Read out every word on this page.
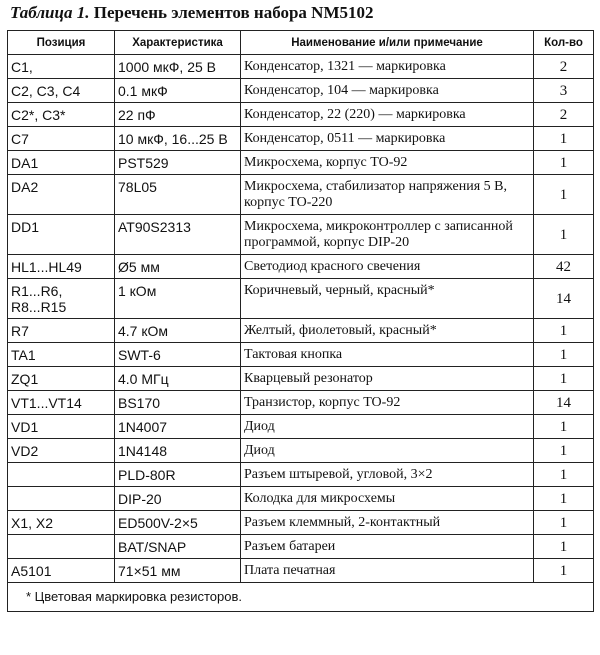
Таблица 1. Перечень элементов набора NM5102
Позиция	Характеристика	Наименование и/или примечание	Кол-во
C1,	1000 мкФ, 25 В	Конденсатор, 1321 — маркировка	2
C2, C3, C4	0.1 мкФ	Конденсатор, 104 — маркировка	3
C2*, C3*	22 пФ	Конденсатор, 22 (220) — маркировка	2
C7	10 мкФ, 16...25 В	Конденсатор, 0511 — маркировка	1
DA1	PST529	Микросхема, корпус ТО-92	1
DA2	78L05	Микросхема, стабилизатор напряжения 5 В, корпус ТО-220	1
DD1	AT90S2313	Микросхема, микроконтроллер с записанной программой, корпус DIP-20	1
HL1...HL49	Ø5 мм	Светодиод красного свечения	42
R1...R6, R8...R15	1 кОм	Коричневый, черный, красный*	14
R7	4.7 кОм	Желтый, фиолетовый, красный*	1
TA1	SWT-6	Тактовая кнопка	1
ZQ1	4.0 МГц	Кварцевый резонатор	1
VT1...VT14	BS170	Транзистор, корпус ТО-92	14
VD1	1N4007	Диод	1
VD2	1N4148	Диод	1
	PLD-80R	Разъем штыревой, угловой, 3×2	1
	DIP-20	Колодка для микросхемы	1
X1, X2	ED500V-2×5	Разъем клеммный, 2-контактный	1
	BAT/SNAP	Разъем батареи	1
A5101	71×51 мм	Плата печатная	1
* Цветовая маркировка резисторов.			
